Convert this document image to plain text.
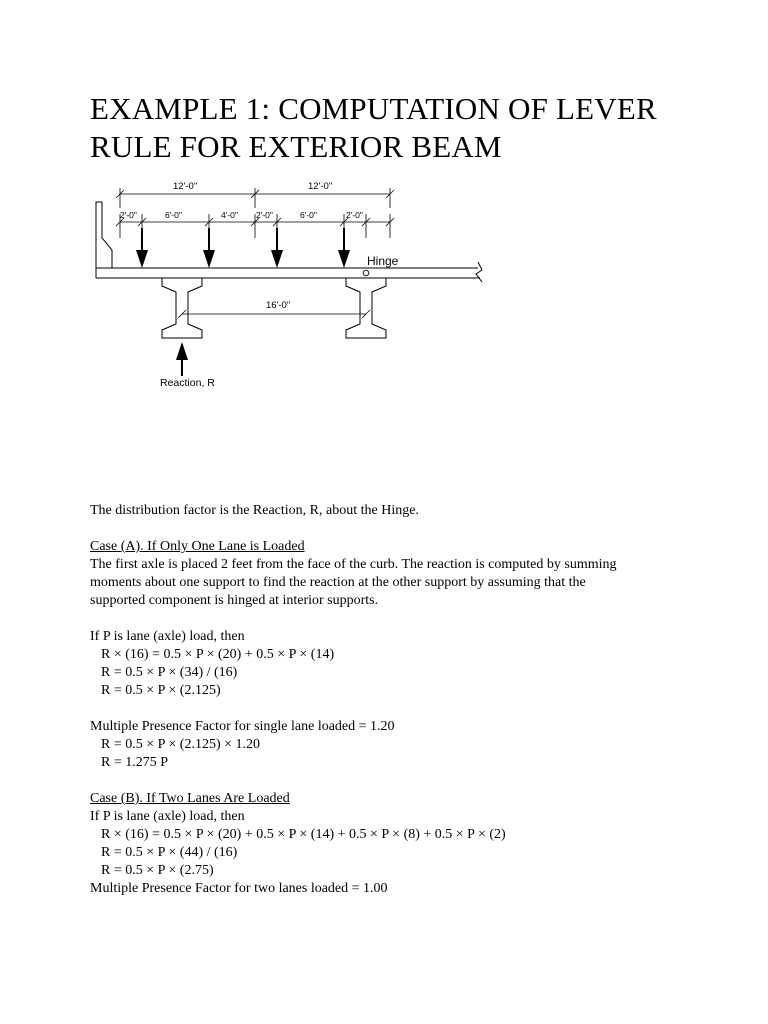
EXAMPLE 1: COMPUTATION OF LEVER
RULE FOR EXTERIOR BEAM
12'-0"	12'-0"
2'-0"	6'-0"	4'-0" 2'-0"	6'-0"	2'-0"
Hinge
16'-0"
Reaction, R

The distribution factor is the Reaction, R, about the Hinge.

Case (A). If Only One Lane is Loaded

The first axle is placed 2 feet from the face of the curb. The reaction is computed by summing

moments about one support to find the reaction at the other support by assuming that the

supported component is hinged at interior supports.

If P is lane (axle) load, then

R × (16) = 0.5 × P × (20) + 0.5 × P × (14)

R = 0.5 × P × (34) / (16)

R = 0.5 × P × (2.125)

Multiple Presence Factor for single lane loaded = 1.20

R = 0.5 × P × (2.125) × 1.20

R = 1.275 P

Case (B). If Two Lanes Are Loaded

If P is lane (axle) load, then

R × (16) = 0.5 × P × (20) + 0.5 × P × (14) + 0.5 × P × (8) + 0.5 × P × (2)

R = 0.5 × P × (44) / (16)

R = 0.5 × P × (2.75)

Multiple Presence Factor for two lanes loaded = 1.00
